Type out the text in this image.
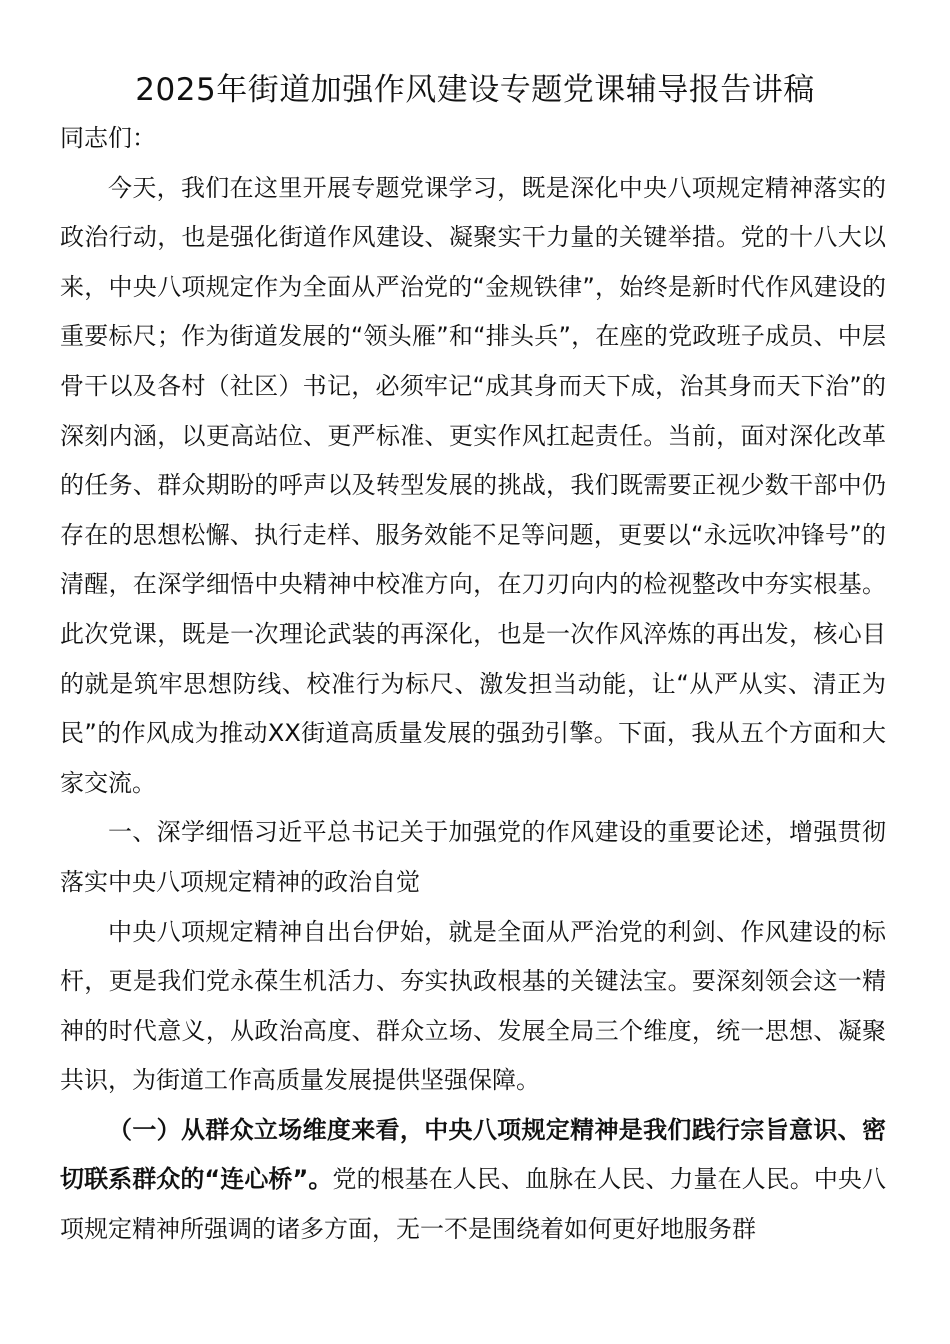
2025年街道加强作风建设专题党课辅导报告讲稿

同志们：

今天，我们在这里开展专题党课学习，既是深化中央八项规定精神落实的政治行动，也是强化街道作风建设、凝聚实干力量的关键举措。党的十八大以来，中央八项规定作为全面从严治党的“金规铁律”，始终是新时代作风建设的重要标尺；作为街道发展的“领头雁”和“排头兵”，在座的党政班子成员、中层骨干以及各村（社区）书记，必须牢记“成其身而天下成，治其身而天下治”的深刻内涵，以更高站位、更严标准、更实作风扛起责任。当前，面对深化改革的任务、群众期盼的呼声以及转型发展的挑战，我们既需要正视少数干部中仍存在的思想松懈、执行走样、服务效能不足等问题，更要以“永远吹冲锋号”的清醒，在深学细悟中央精神中校准方向，在刀刃向内的检视整改中夯实根基。此次党课，既是一次理论武装的再深化，也是一次作风淬炼的再出发，核心目的就是筑牢思想防线、校准行为标尺、激发担当动能，让“从严从实、清正为民”的作风成为推动XX街道高质量发展的强劲引擎。下面，我从五个方面和大家交流。

一、深学细悟习近平总书记关于加强党的作风建设的重要论述，增强贯彻落实中央八项规定精神的政治自觉

中央八项规定精神自出台伊始，就是全面从严治党的利剑、作风建设的标杆，更是我们党永葆生机活力、夯实执政根基的关键法宝。要深刻领会这一精神的时代意义，从政治高度、群众立场、发展全局三个维度，统一思想、凝聚共识，为街道工作高质量发展提供坚强保障。

（一）从群众立场维度来看，中央八项规定精神是我们践行宗旨意识、密切联系群众的“连心桥”。党的根基在人民、血脉在人民、力量在人民。中央八项规定精神所强调的诸多方面，无一不是围绕着如何更好地服务群
